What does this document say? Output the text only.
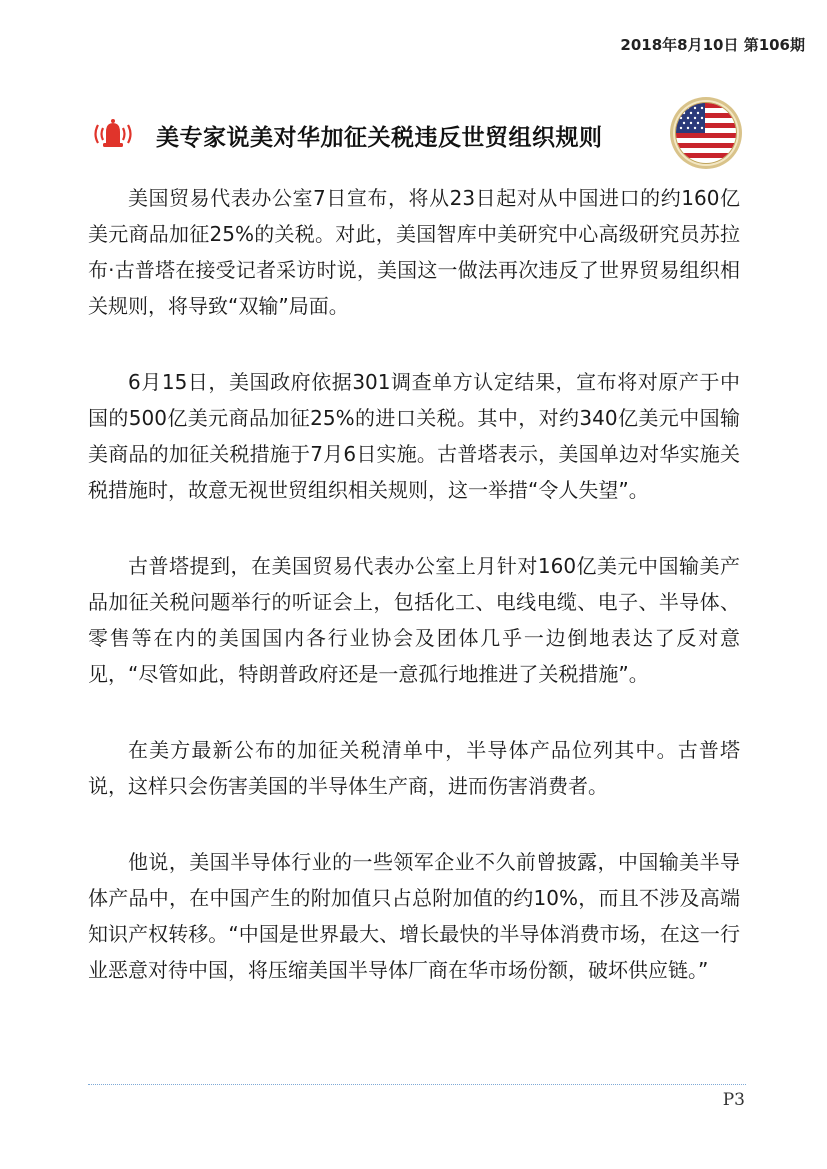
2018年8月10日 第106期
美专家说美对华加征关税违反世贸组织规则

美国贸易代表办公室7日宣布，将从23日起对从中国进口的约160亿美元商品加征25%的关税。对此，美国智库中美研究中心高级研究员苏拉布·古普塔在接受记者采访时说，美国这一做法再次违反了世界贸易组织相关规则，将导致“双输”局面。

6月15日，美国政府依据301调查单方认定结果，宣布将对原产于中国的500亿美元商品加征25%的进口关税。其中，对约340亿美元中国输美商品的加征关税措施于7月6日实施。古普塔表示，美国单边对华实施关税措施时，故意无视世贸组织相关规则，这一举措“令人失望”。

古普塔提到，在美国贸易代表办公室上月针对160亿美元中国输美产品加征关税问题举行的听证会上，包括化工、电线电缆、电子、半导体、零售等在内的美国国内各行业协会及团体几乎一边倒地表达了反对意见，“尽管如此，特朗普政府还是一意孤行地推进了关税措施”。

在美方最新公布的加征关税清单中，半导体产品位列其中。古普塔说，这样只会伤害美国的半导体生产商，进而伤害消费者。

他说，美国半导体行业的一些领军企业不久前曾披露，中国输美半导体产品中，在中国产生的附加值只占总附加值的约10%，而且不涉及高端知识产权转移。“中国是世界最大、增长最快的半导体消费市场，在这一行业恶意对待中国，将压缩美国半导体厂商在华市场份额，破坏供应链。”

P3
